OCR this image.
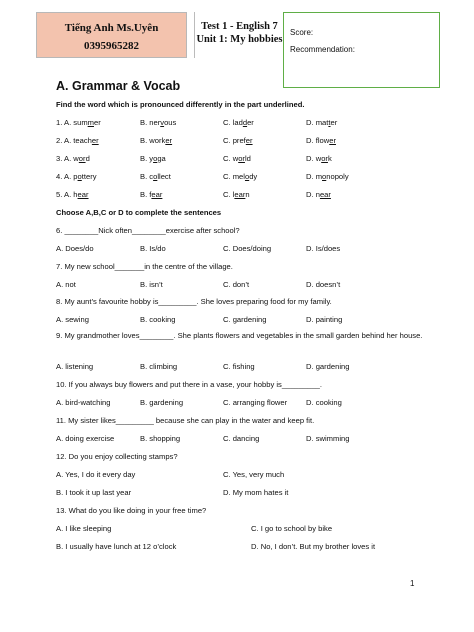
Tiếng Anh Ms.Uyên
0395965282
Test 1 - English 7
Unit 1: My hobbies
Score:
Recommendation:
A. Grammar & Vocab
Find the word which is pronounced differently in the part underlined.
1. A. summer	B. nervous	C. ladder	D. matter
2. A. teacher	B. worker	C. prefer	D. flower
3. A. word	B. yoga	C. world	D. work
4. A. pottery	B. collect	C. melody	D. monopoly
5. A. hear	B. fear	C. learn	D. near
Choose A,B,C or D to complete the sentences
6. ________Nick often________exercise after school?
A. Does/do	B. Is/do	C. Does/doing	D. Is/does
7. My new school_______in the centre of the village.
A. not	B. isn’t	C. don’t	D. doesn’t
8. My aunt’s favourite hobby is_________. She loves preparing food for my family.
A. sewing	B. cooking	C. gardening	D. painting
9. My grandmother loves________. She plants flowers and vegetables in the small garden behind her house.
A. listening	B. climbing	C. fishing	D. gardening
10. If you always buy flowers and put there in a vase, your hobby is_________.
A. bird-watching	B. gardening	C. arranging flower D. cooking
11. My sister likes_________ because she can play in the water and keep fit.
A. doing exercise	B. shopping	C. dancing	D. swimming
12. Do you enjoy collecting stamps?
A. Yes, I do it every day	C. Yes, very much
B. I took it up last year	D. My mom hates it
13. What do you like doing in your free time?
A. I like sleeping	C. I go to school by bike
B. I usually have lunch at 12 o’clock	D. No, I don’t. But my brother loves it
1
